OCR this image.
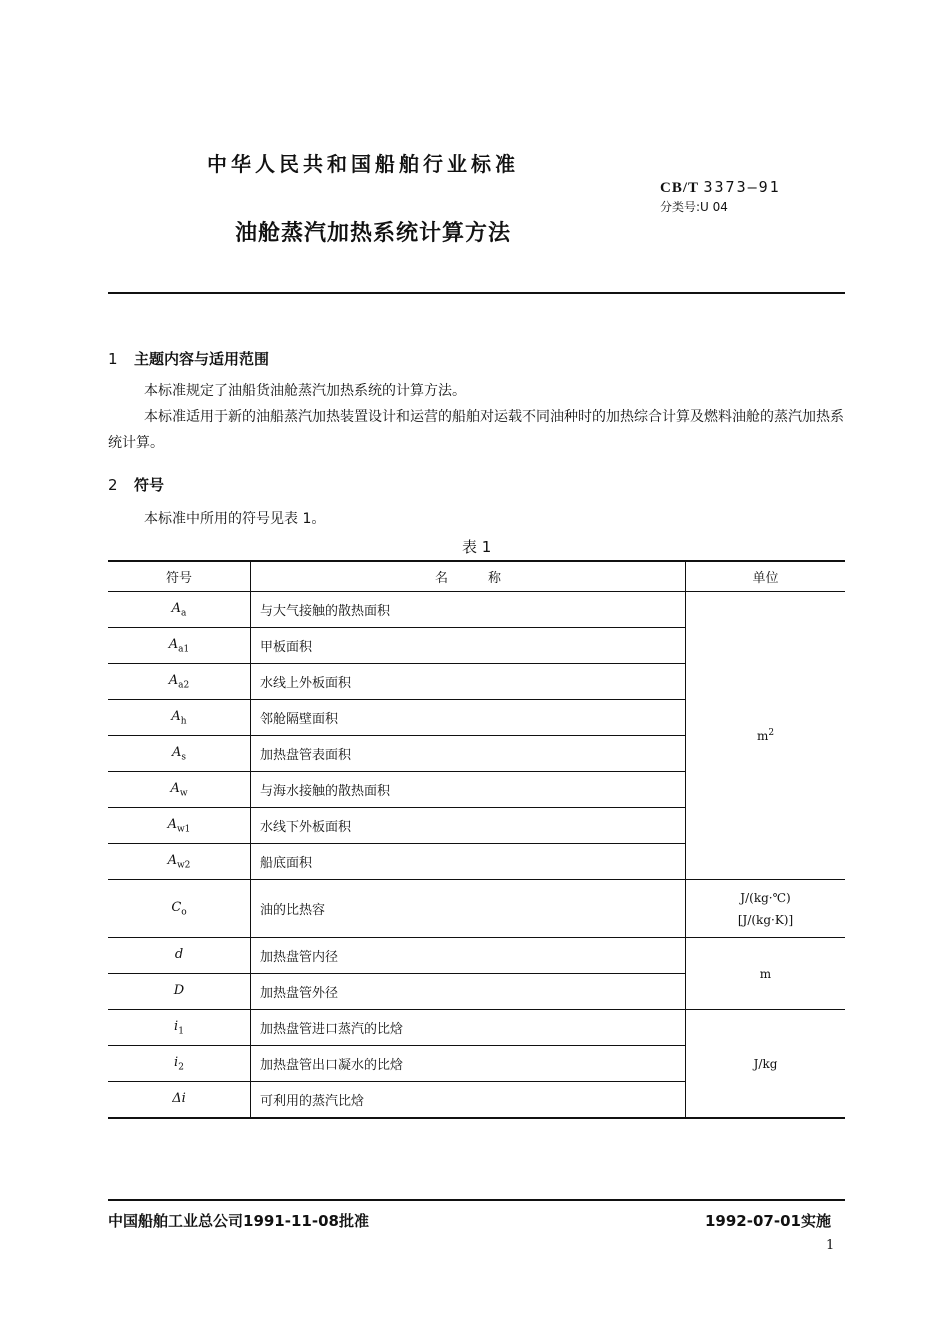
中华人民共和国船舶行业标准
CB/T 3373—91
分类号:U 04
油舱蒸汽加热系统计算方法
1 主题内容与适用范围
本标准规定了油船货油舱蒸汽加热系统的计算方法。
本标准适用于新的油船蒸汽加热装置设计和运营的船舶对运载不同油种时的加热综合计算及燃料油舱的蒸汽加热系统计算。
2 符号
本标准中所用的符号见表 1。
表 1
符号	名 称	单位
$A_a$	与大气接触的散热面积	$m^2$
$A_{a1}$	甲板面积	
$A_{a2}$	水线上外板面积	
$A_h$	邻舱隔壁面积	
$A_s$	加热盘管表面积	
$A_w$	与海水接触的散热面积	
$A_{w1}$	水线下外板面积	
$A_{w2}$	船底面积	
$C_o$	油的比热容	J/(kg·℃)
[J/(kg·K)]

d	加热盘管内径	m
D	加热盘管外径	
$i_1$	加热盘管进口蒸汽的比焓	J/kg
$i_2$	加热盘管出口凝水的比焓	
Δi	可利用的蒸汽比焓	
中国船舶工业总公司1991-11-08批准	1992-07-01实施
1
